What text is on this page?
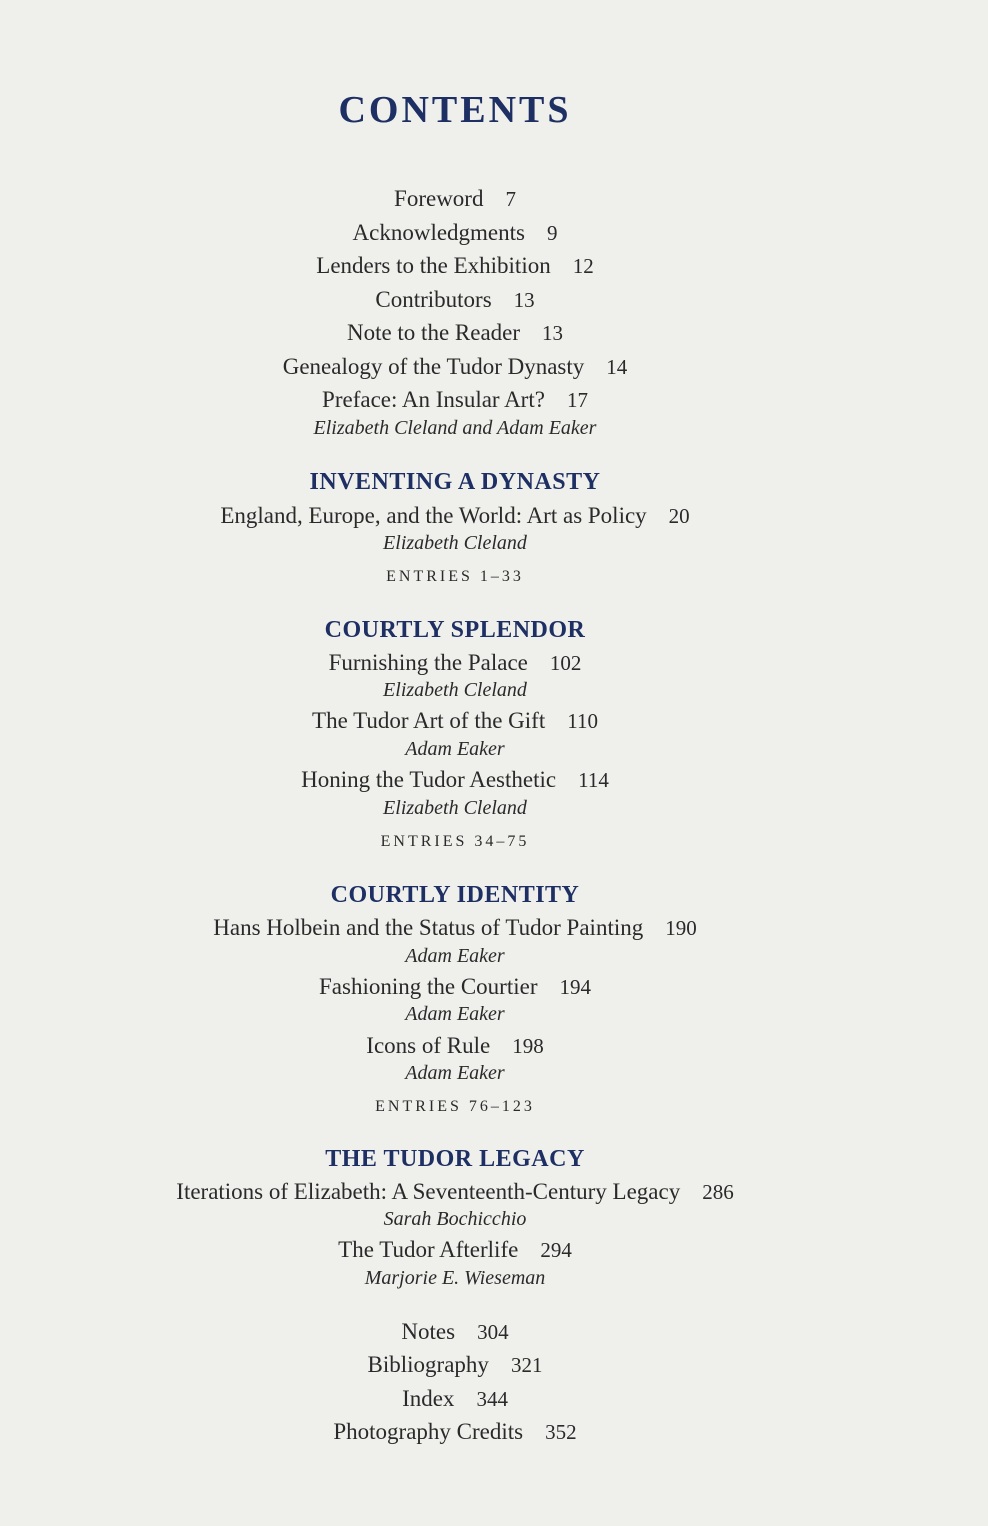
CONTENTS
Foreword 7
Acknowledgments 9
Lenders to the Exhibition 12
Contributors 13
Note to the Reader 13
Genealogy of the Tudor Dynasty 14
Preface: An Insular Art? 17
Elizabeth Cleland and Adam Eaker
INVENTING A DYNASTY
England, Europe, and the World: Art as Policy 20
Elizabeth Cleland
ENTRIES 1–33
COURTLY SPLENDOR
Furnishing the Palace 102
Elizabeth Cleland
The Tudor Art of the Gift 110
Adam Eaker
Honing the Tudor Aesthetic 114
Elizabeth Cleland
ENTRIES 34–75
COURTLY IDENTITY
Hans Holbein and the Status of Tudor Painting 190
Adam Eaker
Fashioning the Courtier 194
Adam Eaker
Icons of Rule 198
Adam Eaker
ENTRIES 76–123
THE TUDOR LEGACY
Iterations of Elizabeth: A Seventeenth-Century Legacy 286
Sarah Bochicchio
The Tudor Afterlife 294
Marjorie E. Wieseman
Notes 304
Bibliography 321
Index 344
Photography Credits 352
